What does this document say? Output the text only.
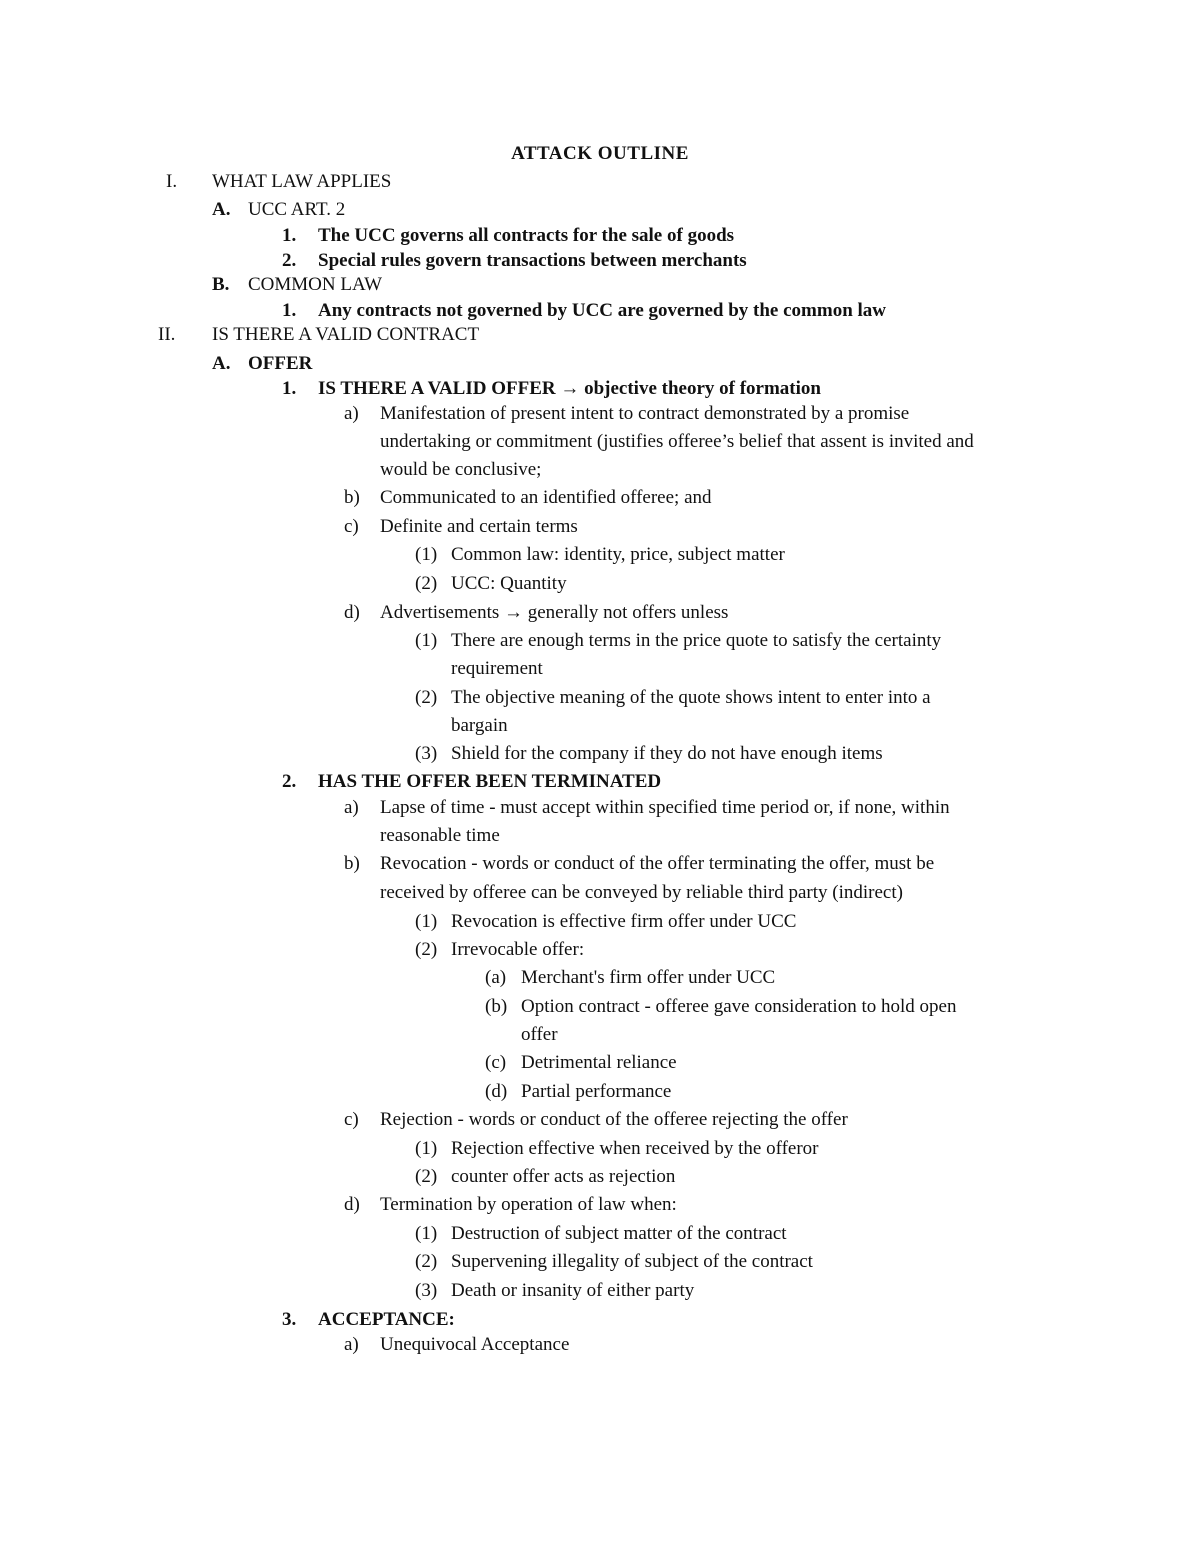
ATTACK OUTLINE
I. WHAT LAW APPLIES
A. UCC ART. 2
1. The UCC governs all contracts for the sale of goods
2. Special rules govern transactions between merchants
B. COMMON LAW
1. Any contracts not governed by UCC are governed by the common law
II. IS THERE A VALID CONTRACT
A. OFFER
1. IS THERE A VALID OFFER → objective theory of formation
a) Manifestation of present intent to contract demonstrated by a promise
undertaking or commitment (justifies offeree’s belief that assent is invited and
would be conclusive;
b) Communicated to an identified offeree; and
c) Definite and certain terms
(1) Common law: identity, price, subject matter
(2) UCC: Quantity
d) Advertisements → generally not offers unless
(1) There are enough terms in the price quote to satisfy the certainty
requirement
(2) The objective meaning of the quote shows intent to enter into a
bargain
(3) Shield for the company if they do not have enough items
2. HAS THE OFFER BEEN TERMINATED
a) Lapse of time - must accept within specified time period or, if none, within
reasonable time
b) Revocation - words or conduct of the offer terminating the offer, must be
received by offeree can be conveyed by reliable third party (indirect)
(1) Revocation is effective firm offer under UCC
(2) Irrevocable offer:
(a) Merchant's firm offer under UCC
(b) Option contract - offeree gave consideration to hold open
offer
(c) Detrimental reliance
(d) Partial performance
c) Rejection - words or conduct of the offeree rejecting the offer
(1) Rejection effective when received by the offeror
(2) counter offer acts as rejection
d) Termination by operation of law when:
(1) Destruction of subject matter of the contract
(2) Supervening illegality of subject of the contract
(3) Death or insanity of either party
3. ACCEPTANCE:
a) Unequivocal Acceptance
